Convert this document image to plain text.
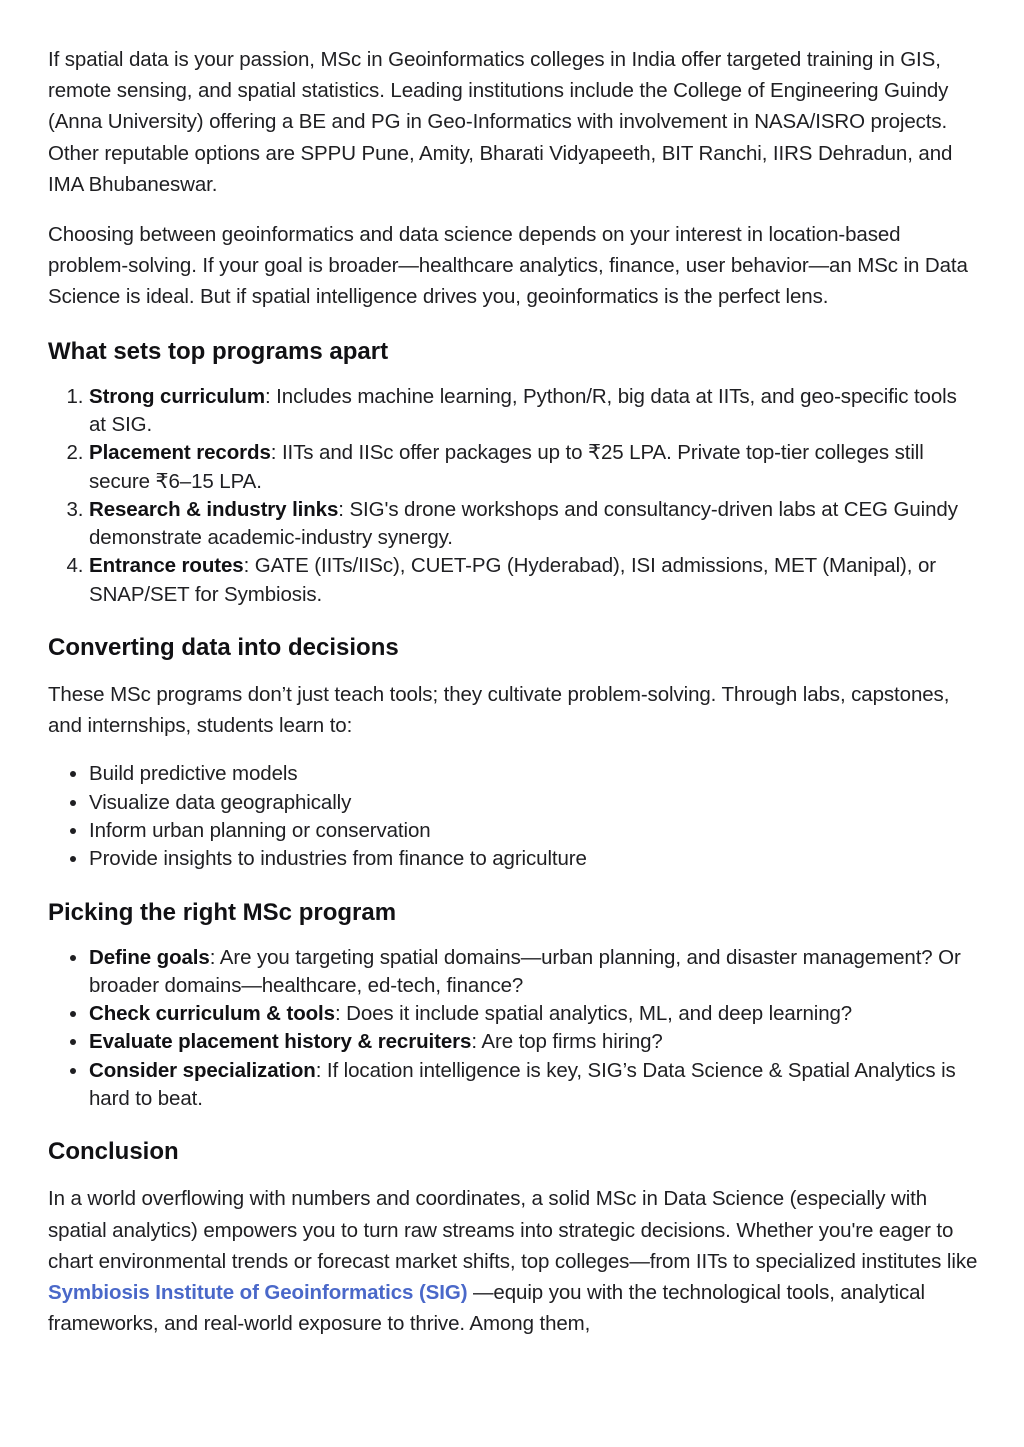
If spatial data is your passion, MSc in Geoinformatics colleges in India offer targeted training in GIS, remote sensing, and spatial statistics. Leading institutions include the College of Engineering Guindy (Anna University) offering a BE and PG in Geo-Informatics with involvement in NASA/ISRO projects. Other reputable options are SPPU Pune, Amity, Bharati Vidyapeeth, BIT Ranchi, IIRS Dehradun, and IMA Bhubaneswar.

Choosing between geoinformatics and data science depends on your interest in location-based problem-solving. If your goal is broader—healthcare analytics, finance, user behavior—an MSc in Data Science is ideal. But if spatial intelligence drives you, geoinformatics is the perfect lens.

What sets top programs apart
1. Strong curriculum: Includes machine learning, Python/R, big data at IITs, and geo-specific tools at SIG.
2. Placement records: IITs and IISc offer packages up to ₹25 LPA. Private top-tier colleges still secure ₹6–15 LPA.
3. Research & industry links: SIG's drone workshops and consultancy-driven labs at CEG Guindy demonstrate academic-industry synergy.
4. Entrance routes: GATE (IITs/IISc), CUET-PG (Hyderabad), ISI admissions, MET (Manipal), or SNAP/SET for Symbiosis.
Converting data into decisions

These MSc programs don’t just teach tools; they cultivate problem-solving. Through labs, capstones, and internships, students learn to:

• Build predictive models
• Visualize data geographically
• Inform urban planning or conservation
• Provide insights to industries from finance to agriculture
Picking the right MSc program
• Define goals: Are you targeting spatial domains—urban planning, and disaster management? Or broader domains—healthcare, ed-tech, finance?
• Check curriculum & tools: Does it include spatial analytics, ML, and deep learning?
• Evaluate placement history & recruiters: Are top firms hiring?
• Consider specialization: If location intelligence is key, SIG’s Data Science & Spatial Analytics is hard to beat.
Conclusion

In a world overflowing with numbers and coordinates, a solid MSc in Data Science (especially with spatial analytics) empowers you to turn raw streams into strategic decisions. Whether you're eager to chart environmental trends or forecast market shifts, top colleges—from IITs to specialized institutes like Symbiosis Institute of Geoinformatics (SIG) —equip you with the technological tools, analytical frameworks, and real-world exposure to thrive. Among them,
